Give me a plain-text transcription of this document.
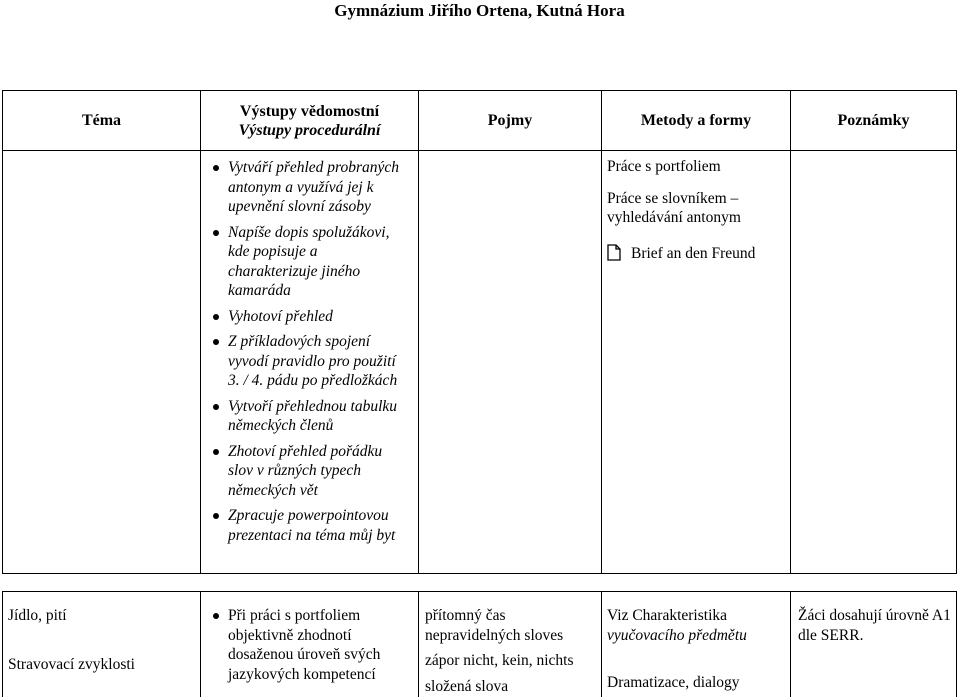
Gymnázium Jiřího Ortena, Kutná Hora
Téma
Výstupy vědomostní
Výstupy procedurální
Pojmy	Metody a formy	Poznámky
Vytváří přehled probraných antonym a využívá jej k upevnění slovní zásoby
Napíše dopis spolužákovi, kde popisuje a charakterizuje jiného kamaráda
Vyhotoví přehled
Z příkladových spojení vyvodí pravidlo pro použití 3. / 4. pádu po předložkách
Vytvoří přehlednou tabulku německých členů
Zhotoví přehled pořádku slov v různých typech německých vět
Zpracuje powerpointovou prezentaci na téma můj byt

Práce s portfoliem

Práce se slovníkem – vyhledávání antonym

Brief an den Freund

Jídlo, pití
Stravovací zvyklosti
Při práci s portfoliem objektivně zhodnotí dosaženou úroveň svých jazykových kompetencí
přítomný čas
nepravidelných sloves
zápor nicht, kein, nichts
složená slova
Viz Charakteristika
vyučovacího předmětu
Dramatizace, dialogy
Žáci dosahují úrovně A1 dle SERR.
